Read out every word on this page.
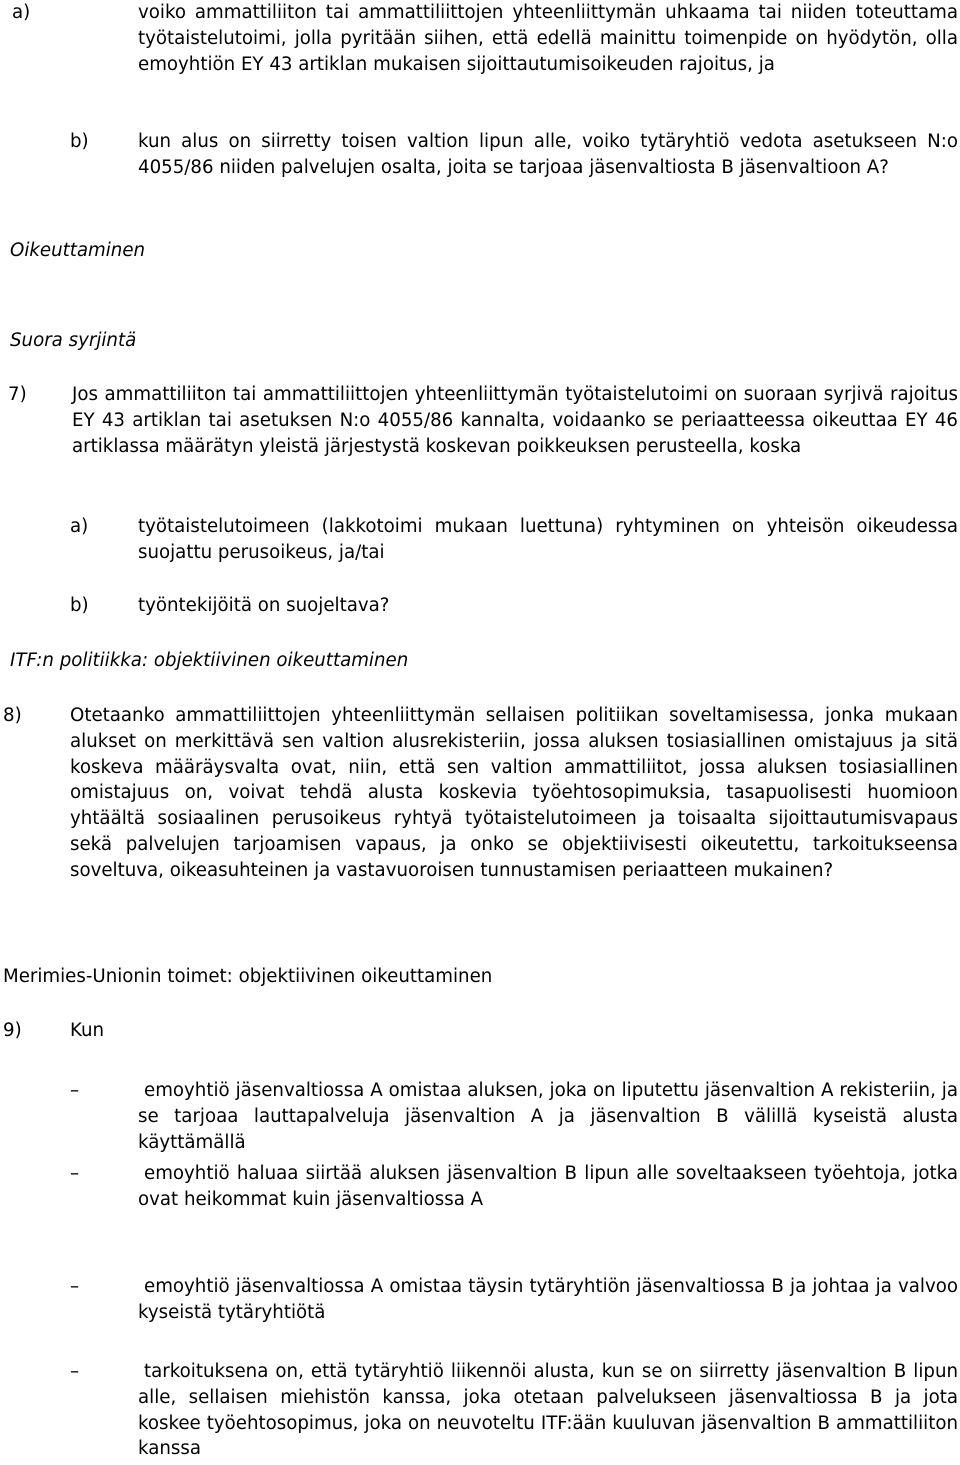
a)	voiko ammattiliiton tai ammattiliittojen yhteenliittymän uhkaama tai niiden toteuttama työtaistelutoimi, jolla pyritään siihen, että edellä mainittu toimenpide on hyödytön, olla emoyhtiön EY 43 artiklan mukaisen sijoittautumisoikeuden rajoitus, ja
b)	kun alus on siirretty toisen valtion lipun alle, voiko tytäryhtiö vedota asetukseen N:o 4055/86 niiden palvelujen osalta, joita se tarjoaa jäsenvaltiosta B jäsenvaltioon A?
Oikeuttaminen
Suora syrjintä
7)	Jos ammattiliiton tai ammattiliittojen yhteenliittymän työtaistelutoimi on suoraan syrjivä rajoitus EY 43 artiklan tai asetuksen N:o 4055/86 kannalta, voidaanko se periaatteessa oikeuttaa EY 46 artiklassa määrätyn yleistä järjestystä koskevan poikkeuksen perusteella, koska
a)	työtaistelutoimeen (lakkotoimi mukaan luettuna) ryhtyminen on yhteisön oikeudessa suojattu perusoikeus, ja/tai
b)	työntekijöitä on suojeltava?
ITF:n politiikka: objektiivinen oikeuttaminen
8)	Otetaanko ammattiliittojen yhteenliittymän sellaisen politiikan soveltamisessa, jonka mukaan alukset on merkittävä sen valtion alusrekisteriin, jossa aluksen tosiasiallinen omistajuus ja sitä koskeva määräysvalta ovat, niin, että sen valtion ammattiliitot, jossa aluksen tosiasiallinen omistajuus on, voivat tehdä alusta koskevia työehtosopimuksia, tasapuolisesti huomioon yhtäältä sosiaalinen perusoikeus ryhtyä työtaistelutoimeen ja toisaalta sijoittautumisvapaus sekä palvelujen tarjoamisen vapaus, ja onko se objektiivisesti oikeutettu, tarkoitukseensa soveltuva, oikeasuhteinen ja vastavuoroisen tunnustamisen periaatteen mukainen?
Merimies-Unionin toimet: objektiivinen oikeuttaminen
9)	Kun
–	emoyhtiö jäsenvaltiossa A omistaa aluksen, joka on liputettu jäsenvaltion A rekisteriin, ja se tarjoaa lauttapalveluja jäsenvaltion A ja jäsenvaltion B välillä kyseistä alusta käyttämällä
–	emoyhtiö haluaa siirtää aluksen jäsenvaltion B lipun alle soveltaakseen työehtoja, jotka ovat heikommat kuin jäsenvaltiossa A
–	emoyhtiö jäsenvaltiossa A omistaa täysin tytäryhtiön jäsenvaltiossa B ja johtaa ja valvoo kyseistä tytäryhtiötä
–	tarkoituksena on, että tytäryhtiö liikennöi alusta, kun se on siirretty jäsenvaltion B lipun alle, sellaisen miehistön kanssa, joka otetaan palvelukseen jäsenvaltiossa B ja jota koskee työehtosopimus, joka on neuvoteltu ITF:ään kuuluvan jäsenvaltion B ammattiliiton kanssa
